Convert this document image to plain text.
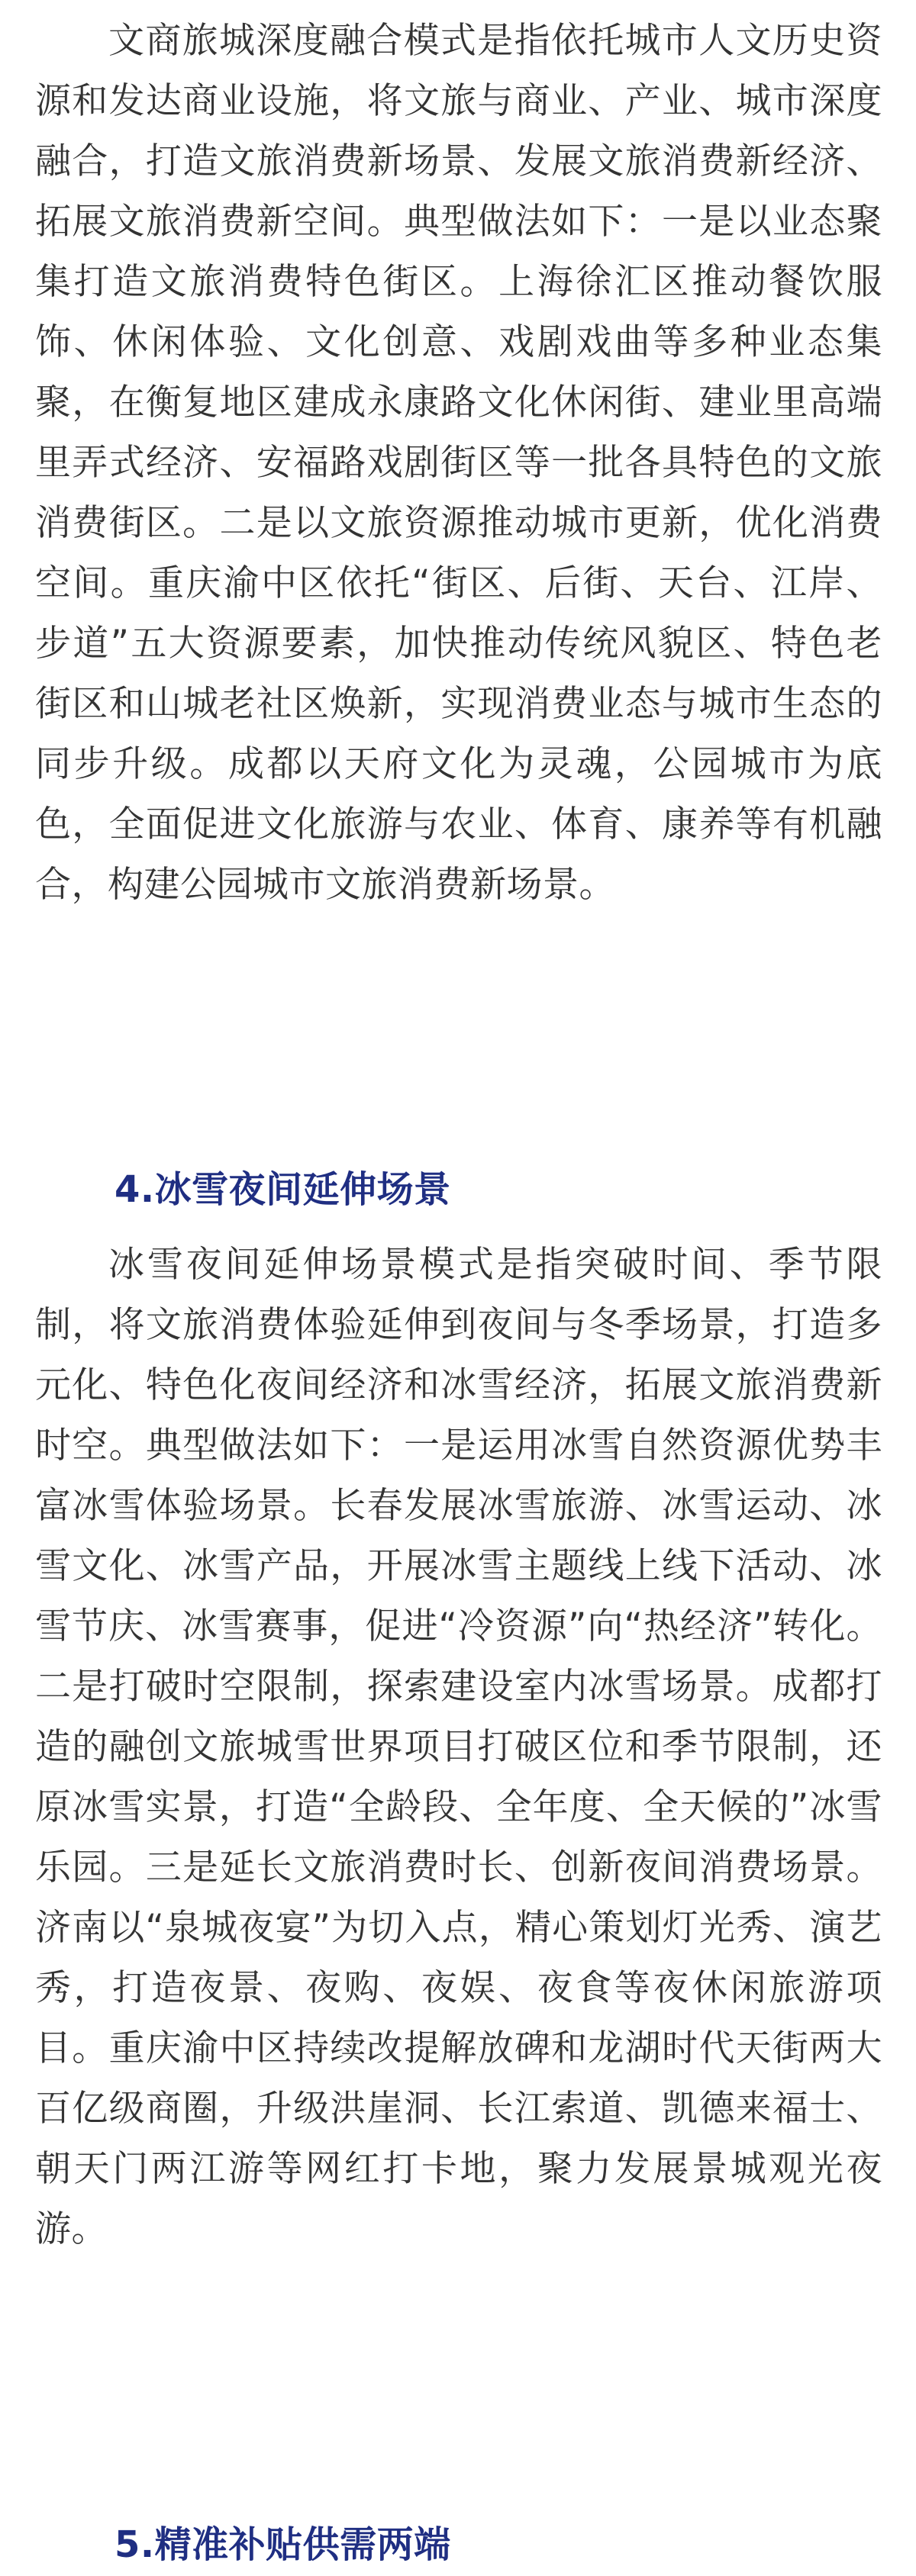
文商旅城深度融合模式是指依托城市人文历史资源和发达商业设施，将文旅与商业、产业、城市深度融合，打造文旅消费新场景、发展文旅消费新经济、拓展文旅消费新空间。典型做法如下：一是以业态聚集打造文旅消费特色街区。上海徐汇区推动餐饮服饰、休闲体验、文化创意、戏剧戏曲等多种业态集聚，在衡复地区建成永康路文化休闲街、建业里高端里弄式经济、安福路戏剧街区等一批各具特色的文旅消费街区。二是以文旅资源推动城市更新，优化消费空间。重庆渝中区依托“街区、后街、天台、江岸、步道”五大资源要素，加快推动传统风貌区、特色老街区和山城老社区焕新，实现消费业态与城市生态的同步升级。成都以天府文化为灵魂，公园城市为底色，全面促进文化旅游与农业、体育、康养等有机融合，构建公园城市文旅消费新场景。

4.冰雪夜间延伸场景

冰雪夜间延伸场景模式是指突破时间、季节限制，将文旅消费体验延伸到夜间与冬季场景，打造多元化、特色化夜间经济和冰雪经济，拓展文旅消费新时空。典型做法如下：一是运用冰雪自然资源优势丰富冰雪体验场景。长春发展冰雪旅游、冰雪运动、冰雪文化、冰雪产品，开展冰雪主题线上线下活动、冰雪节庆、冰雪赛事，促进“冷资源”向“热经济”转化。二是打破时空限制，探索建设室内冰雪场景。成都打造的融创文旅城雪世界项目打破区位和季节限制，还原冰雪实景，打造“全龄段、全年度、全天候的”冰雪乐园。三是延长文旅消费时长、创新夜间消费场景。济南以“泉城夜宴”为切入点，精心策划灯光秀、演艺秀，打造夜景、夜购、夜娱、夜食等夜休闲旅游项目。重庆渝中区持续改提解放碑和龙湖时代天街两大百亿级商圈，升级洪崖洞、长江索道、凯德来福士、朝天门两江游等网红打卡地，聚力发展景城观光夜游。

5.精准补贴供需两端
